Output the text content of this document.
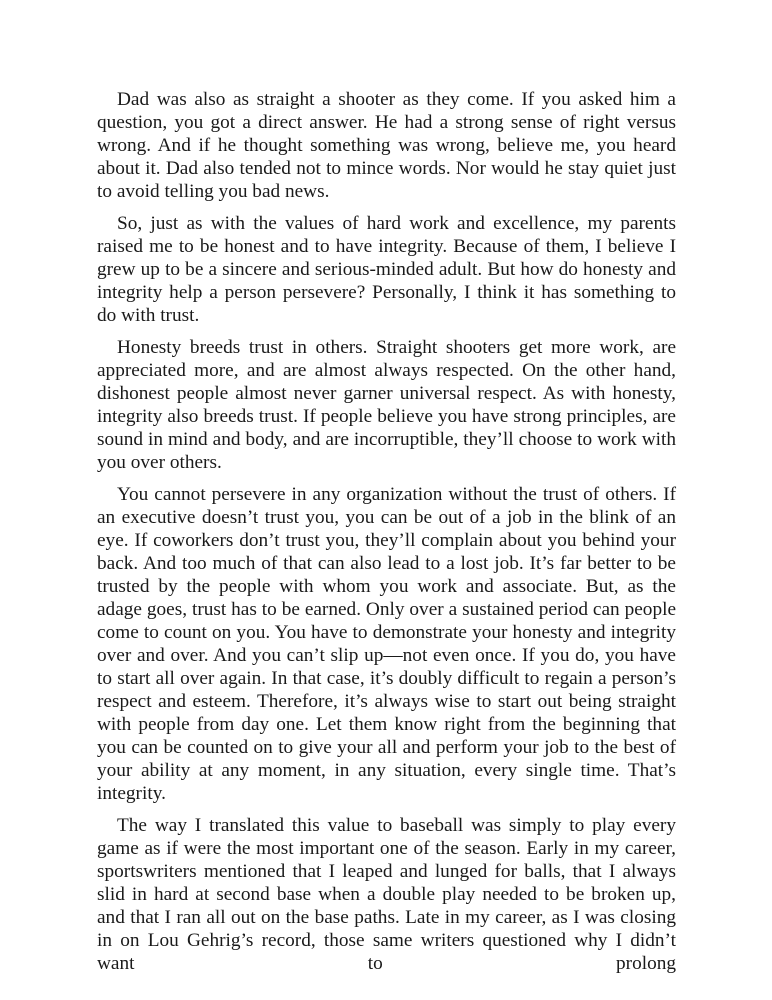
Dad was also as straight a shooter as they come. If you asked him a question, you got a direct answer. He had a strong sense of right versus wrong. And if he thought something was wrong, believe me, you heard about it. Dad also tended not to mince words. Nor would he stay quiet just to avoid telling you bad news.

So, just as with the values of hard work and excellence, my parents raised me to be honest and to have integrity. Because of them, I believe I grew up to be a sincere and serious-minded adult. But how do honesty and integrity help a person persevere? Personally, I think it has something to do with trust.

Honesty breeds trust in others. Straight shooters get more work, are appreciated more, and are almost always respected. On the other hand, dishonest people almost never garner universal respect. As with honesty, integrity also breeds trust. If people believe you have strong principles, are sound in mind and body, and are incorruptible, they’ll choose to work with you over others.

You cannot persevere in any organization without the trust of others. If an executive doesn’t trust you, you can be out of a job in the blink of an eye. If coworkers don’t trust you, they’ll complain about you behind your back. And too much of that can also lead to a lost job. It’s far better to be trusted by the people with whom you work and associate. But, as the adage goes, trust has to be earned. Only over a sustained period can people come to count on you. You have to demonstrate your honesty and integrity over and over. And you can’t slip up—not even once. If you do, you have to start all over again. In that case, it’s doubly difficult to regain a person’s respect and esteem. Therefore, it’s always wise to start out being straight with people from day one. Let them know right from the beginning that you can be counted on to give your all and perform your job to the best of your ability at any moment, in any situation, every single time. That’s integrity.

The way I translated this value to baseball was simply to play every game as if were the most important one of the season. Early in my career, sportswriters mentioned that I leaped and lunged for balls, that I always slid in hard at second base when a double play needed to be broken up, and that I ran all out on the base paths. Late in my career, as I was closing in on Lou Gehrig’s record, those same writers questioned why I didn’t want to prolong
